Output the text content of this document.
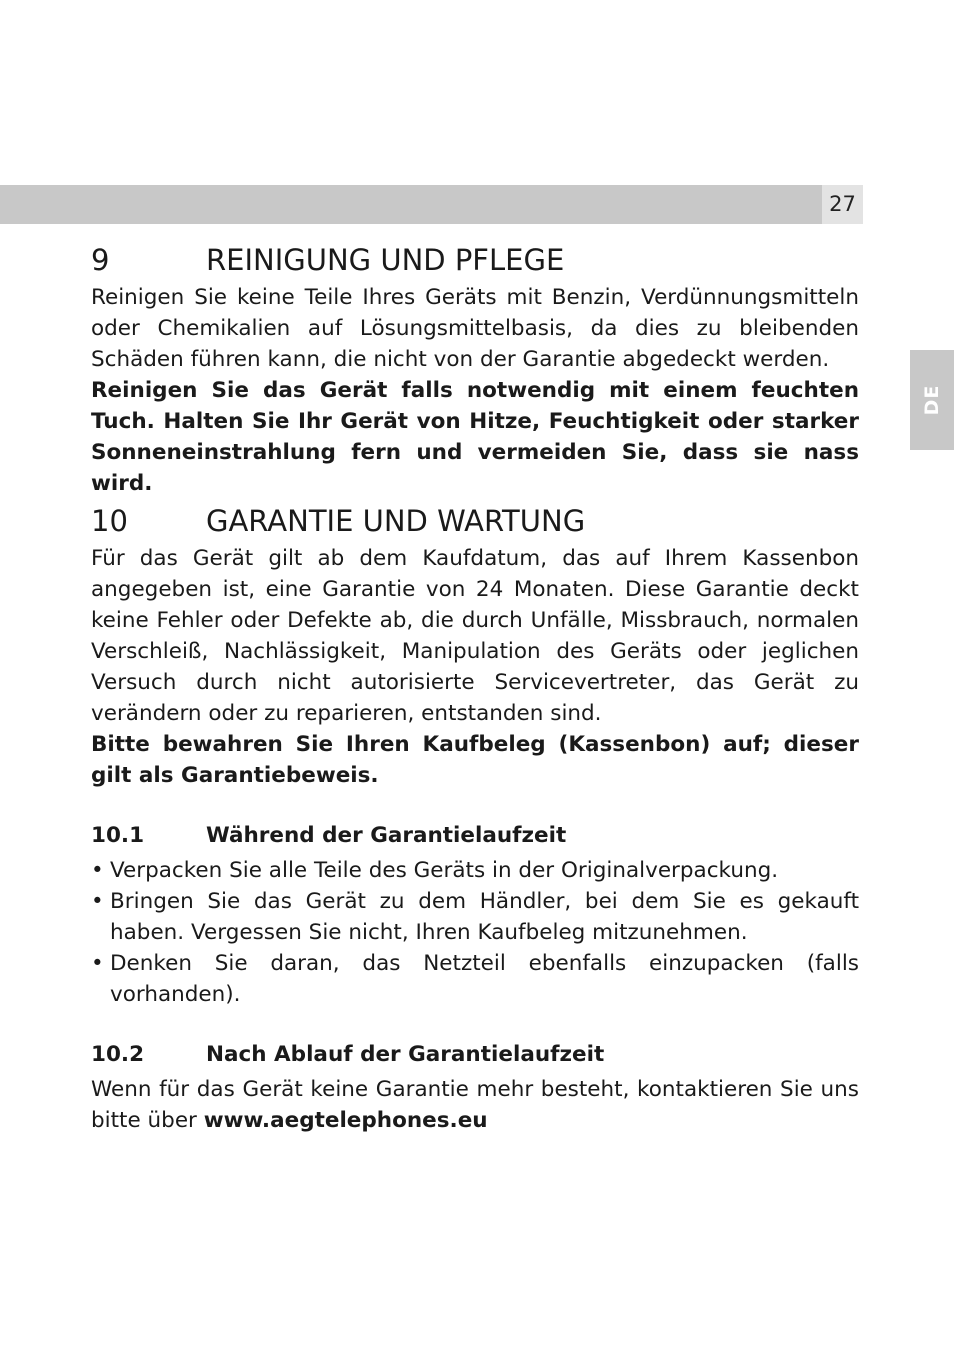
27
DE
9	REINIGUNG UND PFLEGE

Reinigen Sie keine Teile Ihres Geräts mit Benzin, Verdünnungsmitteln oder Chemikalien auf Lösungsmittelbasis, da dies zu bleibenden Schäden führen kann, die nicht von der Garantie abgedeckt werden.

Reinigen Sie das Gerät falls notwendig mit einem feuchten Tuch. Halten Sie Ihr Gerät von Hitze, Feuchtigkeit oder starker Sonneneinstrahlung fern und vermeiden Sie, dass sie nass wird.

10	GARANTIE UND WARTUNG

Für das Gerät gilt ab dem Kaufdatum, das auf Ihrem Kassenbon angegeben ist, eine Garantie von 24 Monaten. Diese Garantie deckt keine Fehler oder Defekte ab, die durch Unfälle, Missbrauch, normalen Verschleiß, Nachlässigkeit, Manipulation des Geräts oder jeglichen Versuch durch nicht autorisierte Servicevertreter, das Gerät zu verändern oder zu reparieren, entstanden sind.

Bitte bewahren Sie Ihren Kaufbeleg (Kassenbon) auf; dieser gilt als Garantiebeweis.

10.1	Während der Garantielaufzeit
• Verpacken Sie alle Teile des Geräts in der Originalverpackung.
• Bringen Sie das Gerät zu dem Händler, bei dem Sie es gekauft haben. Vergessen Sie nicht, Ihren Kaufbeleg mitzunehmen.
• Denken Sie daran, das Netzteil ebenfalls einzupacken (falls vorhanden).
10.2	Nach Ablauf der Garantielaufzeit

Wenn für das Gerät keine Garantie mehr besteht, kontaktieren Sie uns bitte über www.aegtelephones.eu
